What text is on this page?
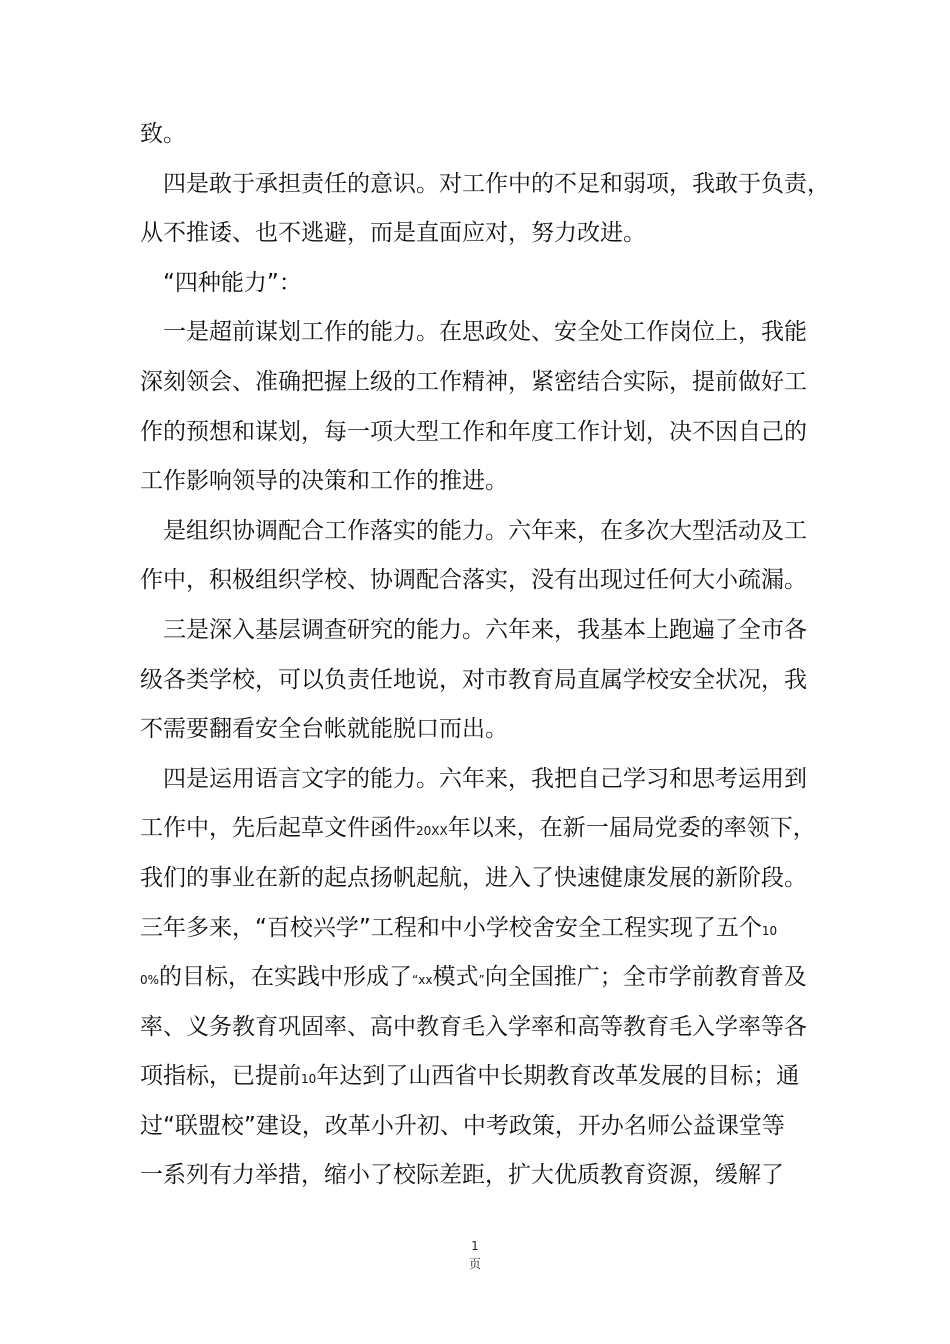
致。
　四是敢于承担责任的意识。对工作中的不足和弱项，我敢于负责，
从不推诿、也不逃避，而是直面应对，努力改进。
　“四种能力”：
　一是超前谋划工作的能力。在思政处、安全处工作岗位上，我能
深刻领会、准确把握上级的工作精神，紧密结合实际，提前做好工
作的预想和谋划，每一项大型工作和年度工作计划，决不因自己的
工作影响领导的决策和工作的推进。
　是组织协调配合工作落实的能力。六年来，在多次大型活动及工
作中，积极组织学校、协调配合落实，没有出现过任何大小疏漏。
　三是深入基层调查研究的能力。六年来，我基本上跑遍了全市各
级各类学校，可以负责任地说，对市教育局直属学校安全状况，我
不需要翻看安全台帐就能脱口而出。
　四是运用语言文字的能力。六年来，我把自己学习和思考运用到
工作中，先后起草文件函件20XX年以来，在新一届局党委的率领下，
我们的事业在新的起点扬帆起航，进入了快速健康发展的新阶段。
三年多来，“百校兴学”工程和中小学校舍安全工程实现了五个10
0%的目标，在实践中形成了“xx模式”向全国推广；全市学前教育普及
率、义务教育巩固率、高中教育毛入学率和高等教育毛入学率等各
项指标，已提前10年达到了山西省中长期教育改革发展的目标；通
过“联盟校”建设，改革小升初、中考政策，开办名师公益课堂等
一系列有力举措，缩小了校际差距，扩大优质教育资源，缓解了
1
页
